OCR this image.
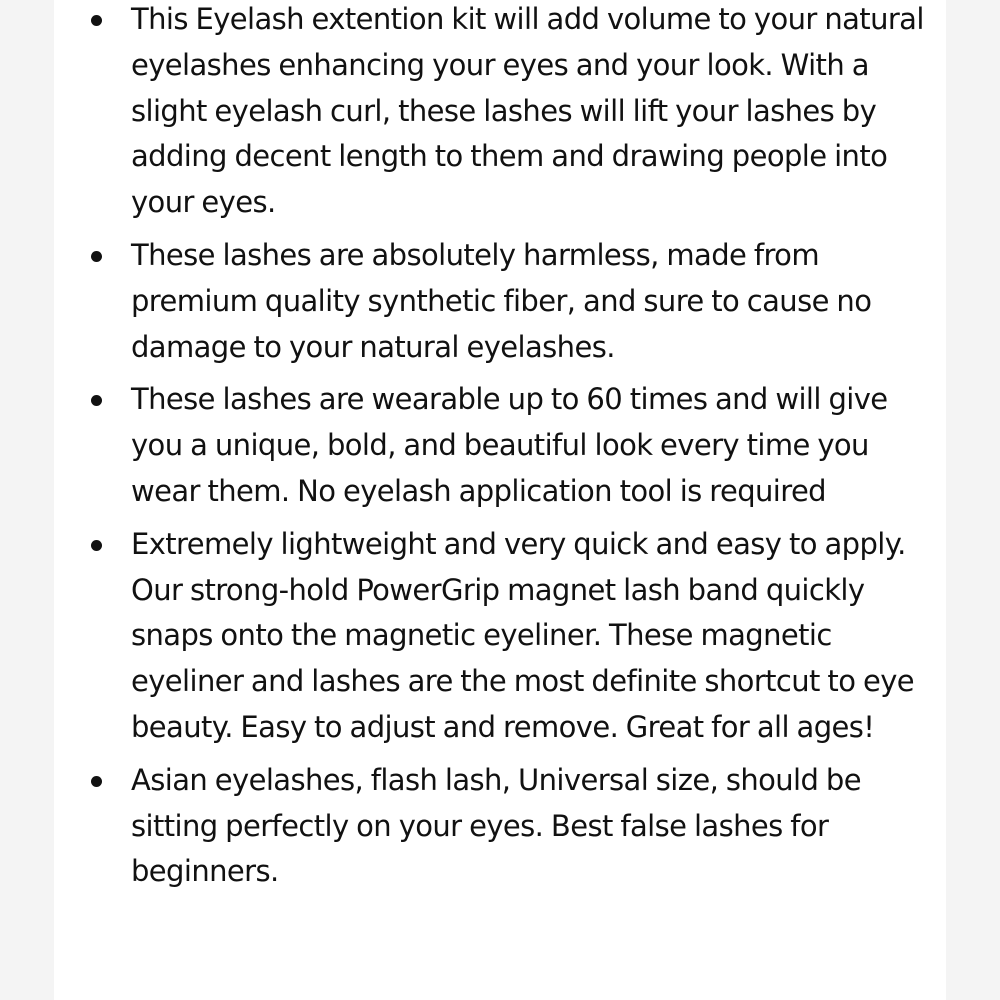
This Eyelash extention kit will add volume to your natural eyelashes enhancing your eyes and your look. With a slight eyelash curl, these lashes will lift your lashes by adding decent length to them and drawing people into your eyes.
These lashes are absolutely harmless, made from premium quality synthetic fiber, and sure to cause no damage to your natural eyelashes.
These lashes are wearable up to 60 times and will give you a unique, bold, and beautiful look every time you wear them. No eyelash application tool is required
Extremely lightweight and very quick and easy to apply. Our strong-hold PowerGrip magnet lash band quickly snaps onto the magnetic eyeliner. These magnetic eyeliner and lashes are the most definite shortcut to eye beauty. Easy to adjust and remove. Great for all ages!
Asian eyelashes, flash lash, Universal size, should be sitting perfectly on your eyes. Best false lashes for beginners.
